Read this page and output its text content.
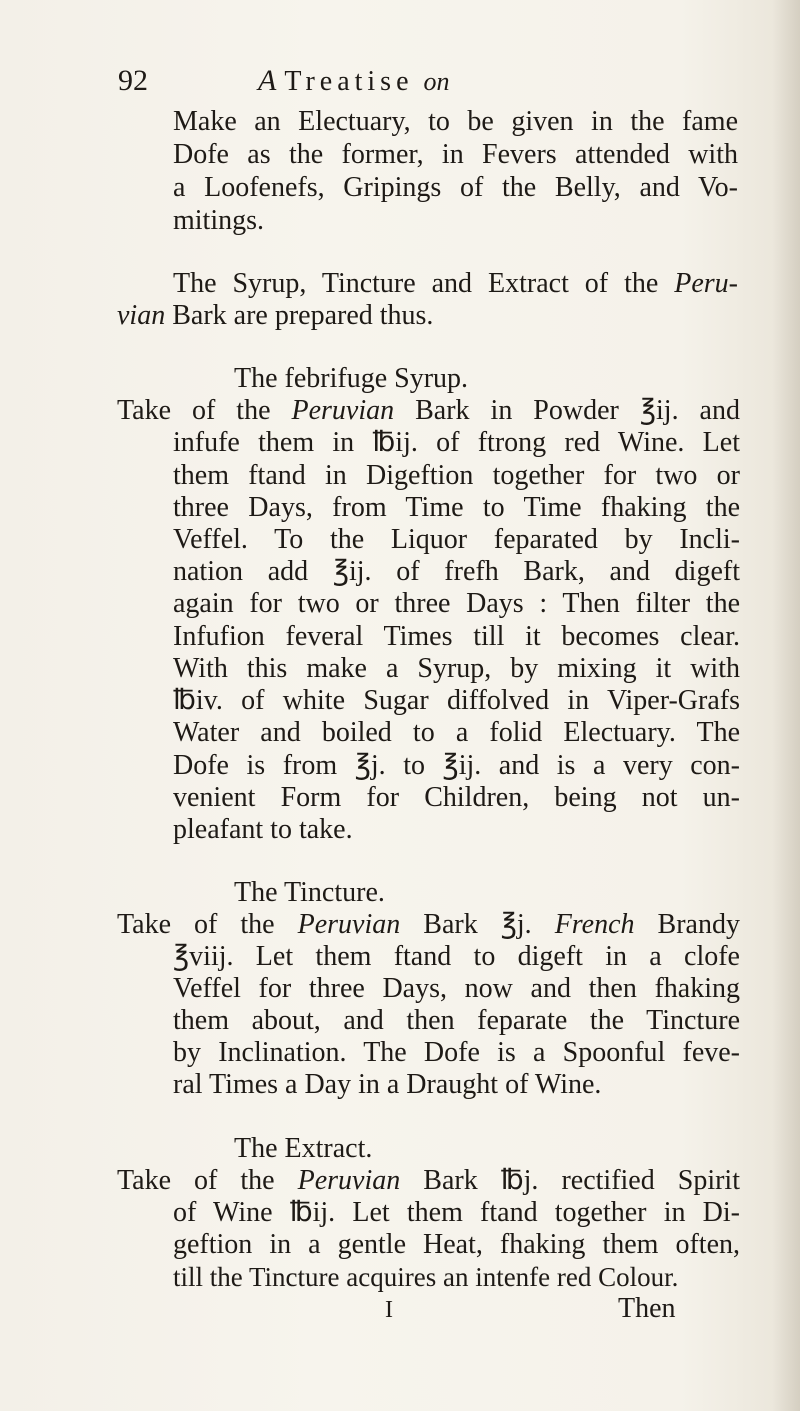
92	A Treatise on
Make an Electuary, to be given in the fame
Dofe as the former, in Fevers attended with
a Loofenefs, Gripings of the Belly, and Vo-
mitings.
The Syrup, Tincture and Extract of the Peru-
vian Bark are prepared thus.
The febrifuge Syrup.
Take of the Peruvian Bark in Powder ℥ij. and
infufe them in ℔ij. of ftrong red Wine. Let
them ftand in Digeftion together for two or
three Days, from Time to Time fhaking the
Veffel. To the Liquor feparated by Incli-
nation add ℥ij. of frefh Bark, and digeft
again for two or three Days : Then filter the
Infufion feveral Times till it becomes clear.
With this make a Syrup, by mixing it with
℔iv. of white Sugar diffolved in Viper-Grafs
Water and boiled to a folid Electuary. The
Dofe is from ℥j. to ℥ij. and is a very con-
venient Form for Children, being not un-
pleafant to take.
The Tincture.
Take of the Peruvian Bark ℥j. French Brandy
℥viij. Let them ftand to digeft in a clofe
Veffel for three Days, now and then fhaking
them about, and then feparate the Tincture
by Inclination. The Dofe is a Spoonful feve-
ral Times a Day in a Draught of Wine.
The Extract.
Take of the Peruvian Bark ℔j. rectified Spirit
of Wine ℔ij. Let them ftand together in Di-
geftion in a gentle Heat, fhaking them often,
till the Tincture acquires an intenfe red Colour.
I	Then
